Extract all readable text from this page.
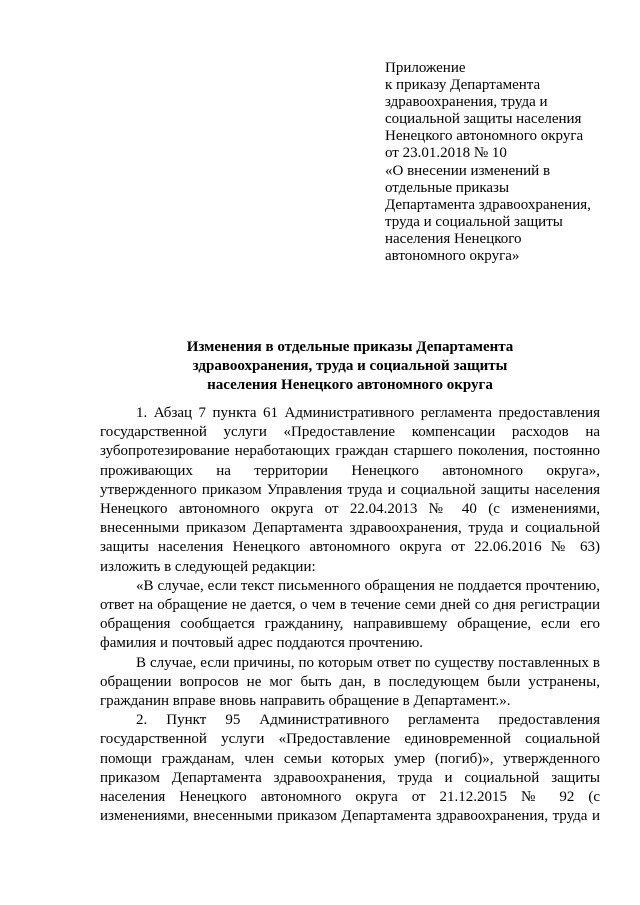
Приложение
к приказу Департамента
здравоохранения, труда и
социальной защиты населения
Ненецкого автономного округа
от 23.01.2018 № 10
«О внесении изменений в
отдельные приказы
Департамента здравоохранения,
труда и социальной защиты
населения Ненецкого
автономного округа»
Изменения в отдельные приказы Департамента
здравоохранения, труда и социальной защиты
населения Ненецкого автономного округа

1. Абзац 7 пункта 61 Административного регламента предоставления государственной услуги «Предоставление компенсации расходов на зубопротезирование неработающих граждан старшего поколения, постоянно проживающих на территории Ненецкого автономного округа», утвержденного приказом Управления труда и социальной защиты населения Ненецкого автономного округа от 22.04.2013 № 40 (с изменениями, внесенными приказом Департамента здравоохранения, труда и социальной защиты населения Ненецкого автономного округа от 22.06.2016 № 63) изложить в следующей редакции:

«В случае, если текст письменного обращения не поддается прочтению, ответ на обращение не дается, о чем в течение семи дней со дня регистрации обращения сообщается гражданину, направившему обращение, если его фамилия и почтовый адрес поддаются прочтению.

В случае, если причины, по которым ответ по существу поставленных в обращении вопросов не мог быть дан, в последующем были устранены, гражданин вправе вновь направить обращение в Департамент.».

2. Пункт 95 Административного регламента предоставления государственной услуги «Предоставление единовременной социальной помощи гражданам, член семьи которых умер (погиб)», утвержденного приказом Департамента здравоохранения, труда и социальной защиты населения Ненецкого автономного округа от 21.12.2015 № 92 (с изменениями, внесенными приказом Департамента здравоохранения, труда и
